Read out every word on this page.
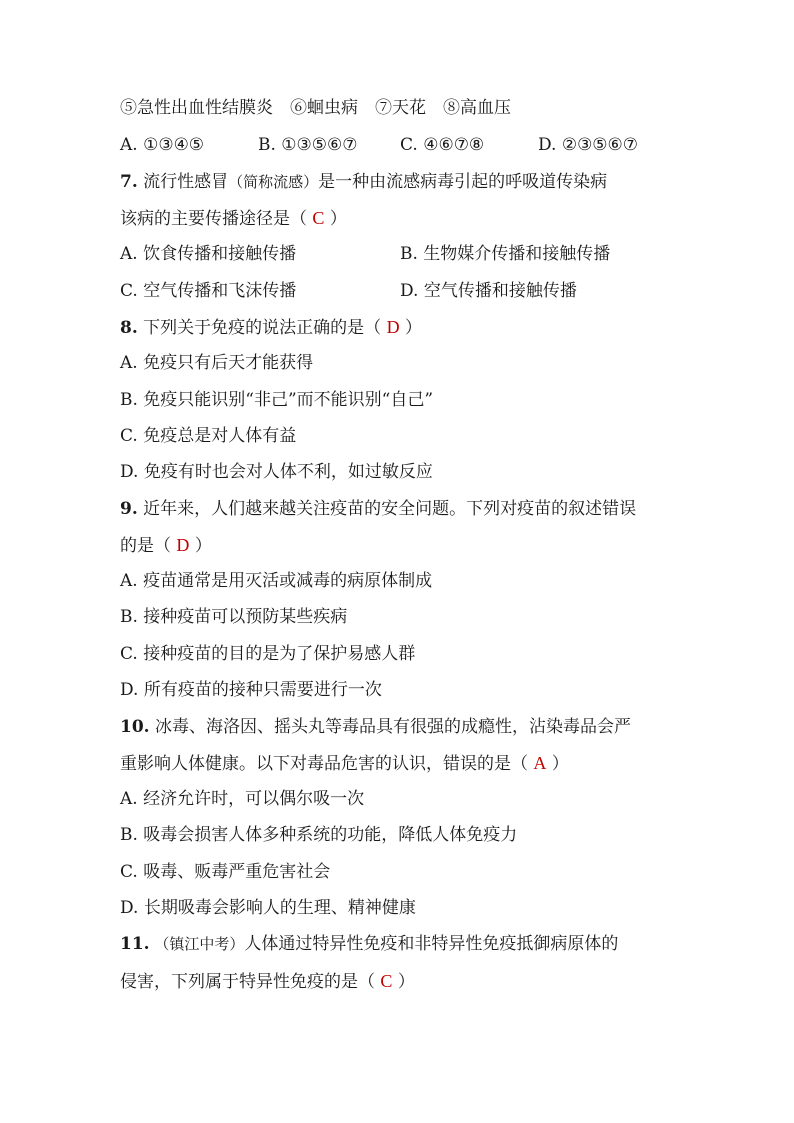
⑤急性出血性结膜炎　⑥蛔虫病　⑦天花　⑧高血压
A. ①③④⑤	B. ①③⑤⑥⑦ C. ④⑥⑦⑧	D. ②③⑤⑥⑦
7. 流行性感冒（简称流感）是一种由流感病毒引起的呼吸道传染病
该病的主要传播途径是（ C ）
A. 饮食传播和接触传播	B. 生物媒介传播和接触传播
C. 空气传播和飞沫传播	D. 空气传播和接触传播
8. 下列关于免疫的说法正确的是（ D ）
A. 免疫只有后天才能获得
B. 免疫只能识别“非己”而不能识别“自己”
C. 免疫总是对人体有益
D. 免疫有时也会对人体不利，如过敏反应
9. 近年来，人们越来越关注疫苗的安全问题。下列对疫苗的叙述错误
的是（ D ）
A. 疫苗通常是用灭活或减毒的病原体制成
B. 接种疫苗可以预防某些疾病
C. 接种疫苗的目的是为了保护易感人群
D. 所有疫苗的接种只需要进行一次
10. 冰毒、海洛因、摇头丸等毒品具有很强的成瘾性，沾染毒品会严
重影响人体健康。以下对毒品危害的认识，错误的是（ A ）
A. 经济允许时，可以偶尔吸一次
B. 吸毒会损害人体多种系统的功能，降低人体免疫力
C. 吸毒、贩毒严重危害社会
D. 长期吸毒会影响人的生理、精神健康
11. （镇江中考）人体通过特异性免疫和非特异性免疫抵御病原体的
侵害，下列属于特异性免疫的是（ C ）
